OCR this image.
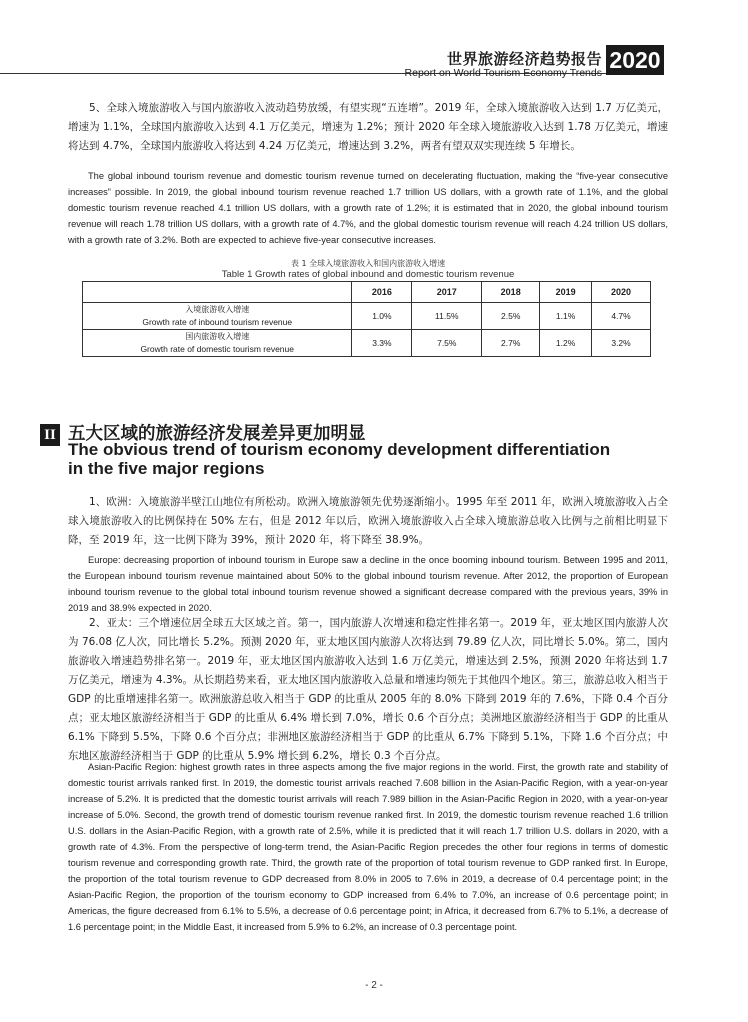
世界旅游经济趋势报告
Report on World Tourism Economy Trends 2020

5、全球入境旅游收入与国内旅游收入波动趋势放缓，有望实现“五连增”。2019 年，全球入境旅游收入达到 1.7 万亿美元，增速为 1.1%，全球国内旅游收入达到 4.1 万亿美元，增速为 1.2%；预计 2020 年全球入境旅游收入达到 1.78 万亿美元，增速将达到 4.7%，全球国内旅游收入将达到 4.24 万亿美元，增速达到 3.2%，两者有望双双实现连续 5 年增长。

The global inbound tourism revenue and domestic tourism revenue turned on decelerating fluctuation, making the “five-year consecutive increases” possible. In 2019, the global inbound tourism revenue reached 1.7 trillion US dollars, with a growth rate of 1.1%, and the global domestic tourism revenue reached 4.1 trillion US dollars, with a growth rate of 1.2%; it is estimated that in 2020, the global inbound tourism revenue will reach 1.78 trillion US dollars, with a growth rate of 4.7%, and the global domestic tourism revenue will reach 4.24 trillion US dollars, with a growth rate of 3.2%. Both are expected to achieve five-year consecutive increases.

表 1 全球入境旅游收入和国内旅游收入增速
Table 1 Growth rates of global inbound and domestic tourism revenue
	2016	2017	2018	2019	2020

入境旅游收入增速
Growth rate of inbound tourism revenue	1.0%	11.5%	2.5%	1.1%	4.7%

国内旅游收入增速
Growth rate of domestic tourism revenue	3.3%	7.5%	2.7%	1.2%	3.2%
II 五大区域的旅游经济发展差异更加明显
The obvious trend of tourism economy development differentiation in the five major regions

1、欧洲：入境旅游半壁江山地位有所松动。欧洲入境旅游领先优势逐渐缩小。1995 年至 2011 年，欧洲入境旅游收入占全球入境旅游收入的比例保持在 50% 左右，但是 2012 年以后，欧洲入境旅游收入占全球入境旅游总收入比例与之前相比明显下降，至 2019 年，这一比例下降为 39%，预计 2020 年，将下降至 38.9%。

Europe: decreasing proportion of inbound tourism in Europe saw a decline in the once booming inbound tourism. Between 1995 and 2011, the European inbound tourism revenue maintained about 50% to the global inbound tourism revenue. After 2012, the proportion of European inbound tourism revenue to the global total inbound tourism revenue showed a significant decrease compared with the previous years, 39% in 2019 and 38.9% expected in 2020.

2、亚太：三个增速位居全球五大区域之首。第一，国内旅游人次增速和稳定性排名第一。2019 年，亚太地区国内旅游人次为 76.08 亿人次，同比增长 5.2%。预测 2020 年，亚太地区国内旅游人次将达到 79.89 亿人次，同比增长 5.0%。第二，国内旅游收入增速趋势排名第一。2019 年，亚太地区国内旅游收入达到 1.6 万亿美元，增速达到 2.5%，预测 2020 年将达到 1.7 万亿美元，增速为 4.3%。从长期趋势来看，亚太地区国内旅游收入总量和增速均领先于其他四个地区。第三，旅游总收入相当于 GDP 的比重增速排名第一。欧洲旅游总收入相当于 GDP 的比重从 2005 年的 8.0% 下降到 2019 年的 7.6%，下降 0.4 个百分点；亚太地区旅游经济相当于 GDP 的比重从 6.4% 增长到 7.0%，增长 0.6 个百分点；美洲地区旅游经济相当于 GDP 的比重从 6.1% 下降到 5.5%，下降 0.6 个百分点；非洲地区旅游经济相当于 GDP 的比重从 6.7% 下降到 5.1%，下降 1.6 个百分点；中东地区旅游经济相当于 GDP 的比重从 5.9% 增长到 6.2%，增长 0.3 个百分点。

Asian-Pacific Region: highest growth rates in three aspects among the five major regions in the world. First, the growth rate and stability of domestic tourist arrivals ranked first. In 2019, the domestic tourist arrivals reached 7.608 billion in the Asian-Pacific Region, with a year-on-year increase of 5.2%. It is predicted that the domestic tourist arrivals will reach 7.989 billion in the Asian-Pacific Region in 2020, with a year-on-year increase of 5.0%. Second, the growth trend of domestic tourism revenue ranked first. In 2019, the domestic tourism revenue reached 1.6 trillion U.S. dollars in the Asian-Pacific Region, with a growth rate of 2.5%, while it is predicted that it will reach 1.7 trillion U.S. dollars in 2020, with a growth rate of 4.3%. From the perspective of long-term trend, the Asian-Pacific Region precedes the other four regions in terms of domestic tourism revenue and corresponding growth rate. Third, the growth rate of the proportion of total tourism revenue to GDP ranked first. In Europe, the proportion of the total tourism revenue to GDP decreased from 8.0% in 2005 to 7.6% in 2019, a decrease of 0.4 percentage point; in the Asian-Pacific Region, the proportion of the tourism economy to GDP increased from 6.4% to 7.0%, an increase of 0.6 percentage point; in Americas, the figure decreased from 6.1% to 5.5%, a decrease of 0.6 percentage point; in Africa, it decreased from 6.7% to 5.1%, a decrease of 1.6 percentage point; in the Middle East, it increased from 5.9% to 6.2%, an increase of 0.3 percentage point.

- 2 -
